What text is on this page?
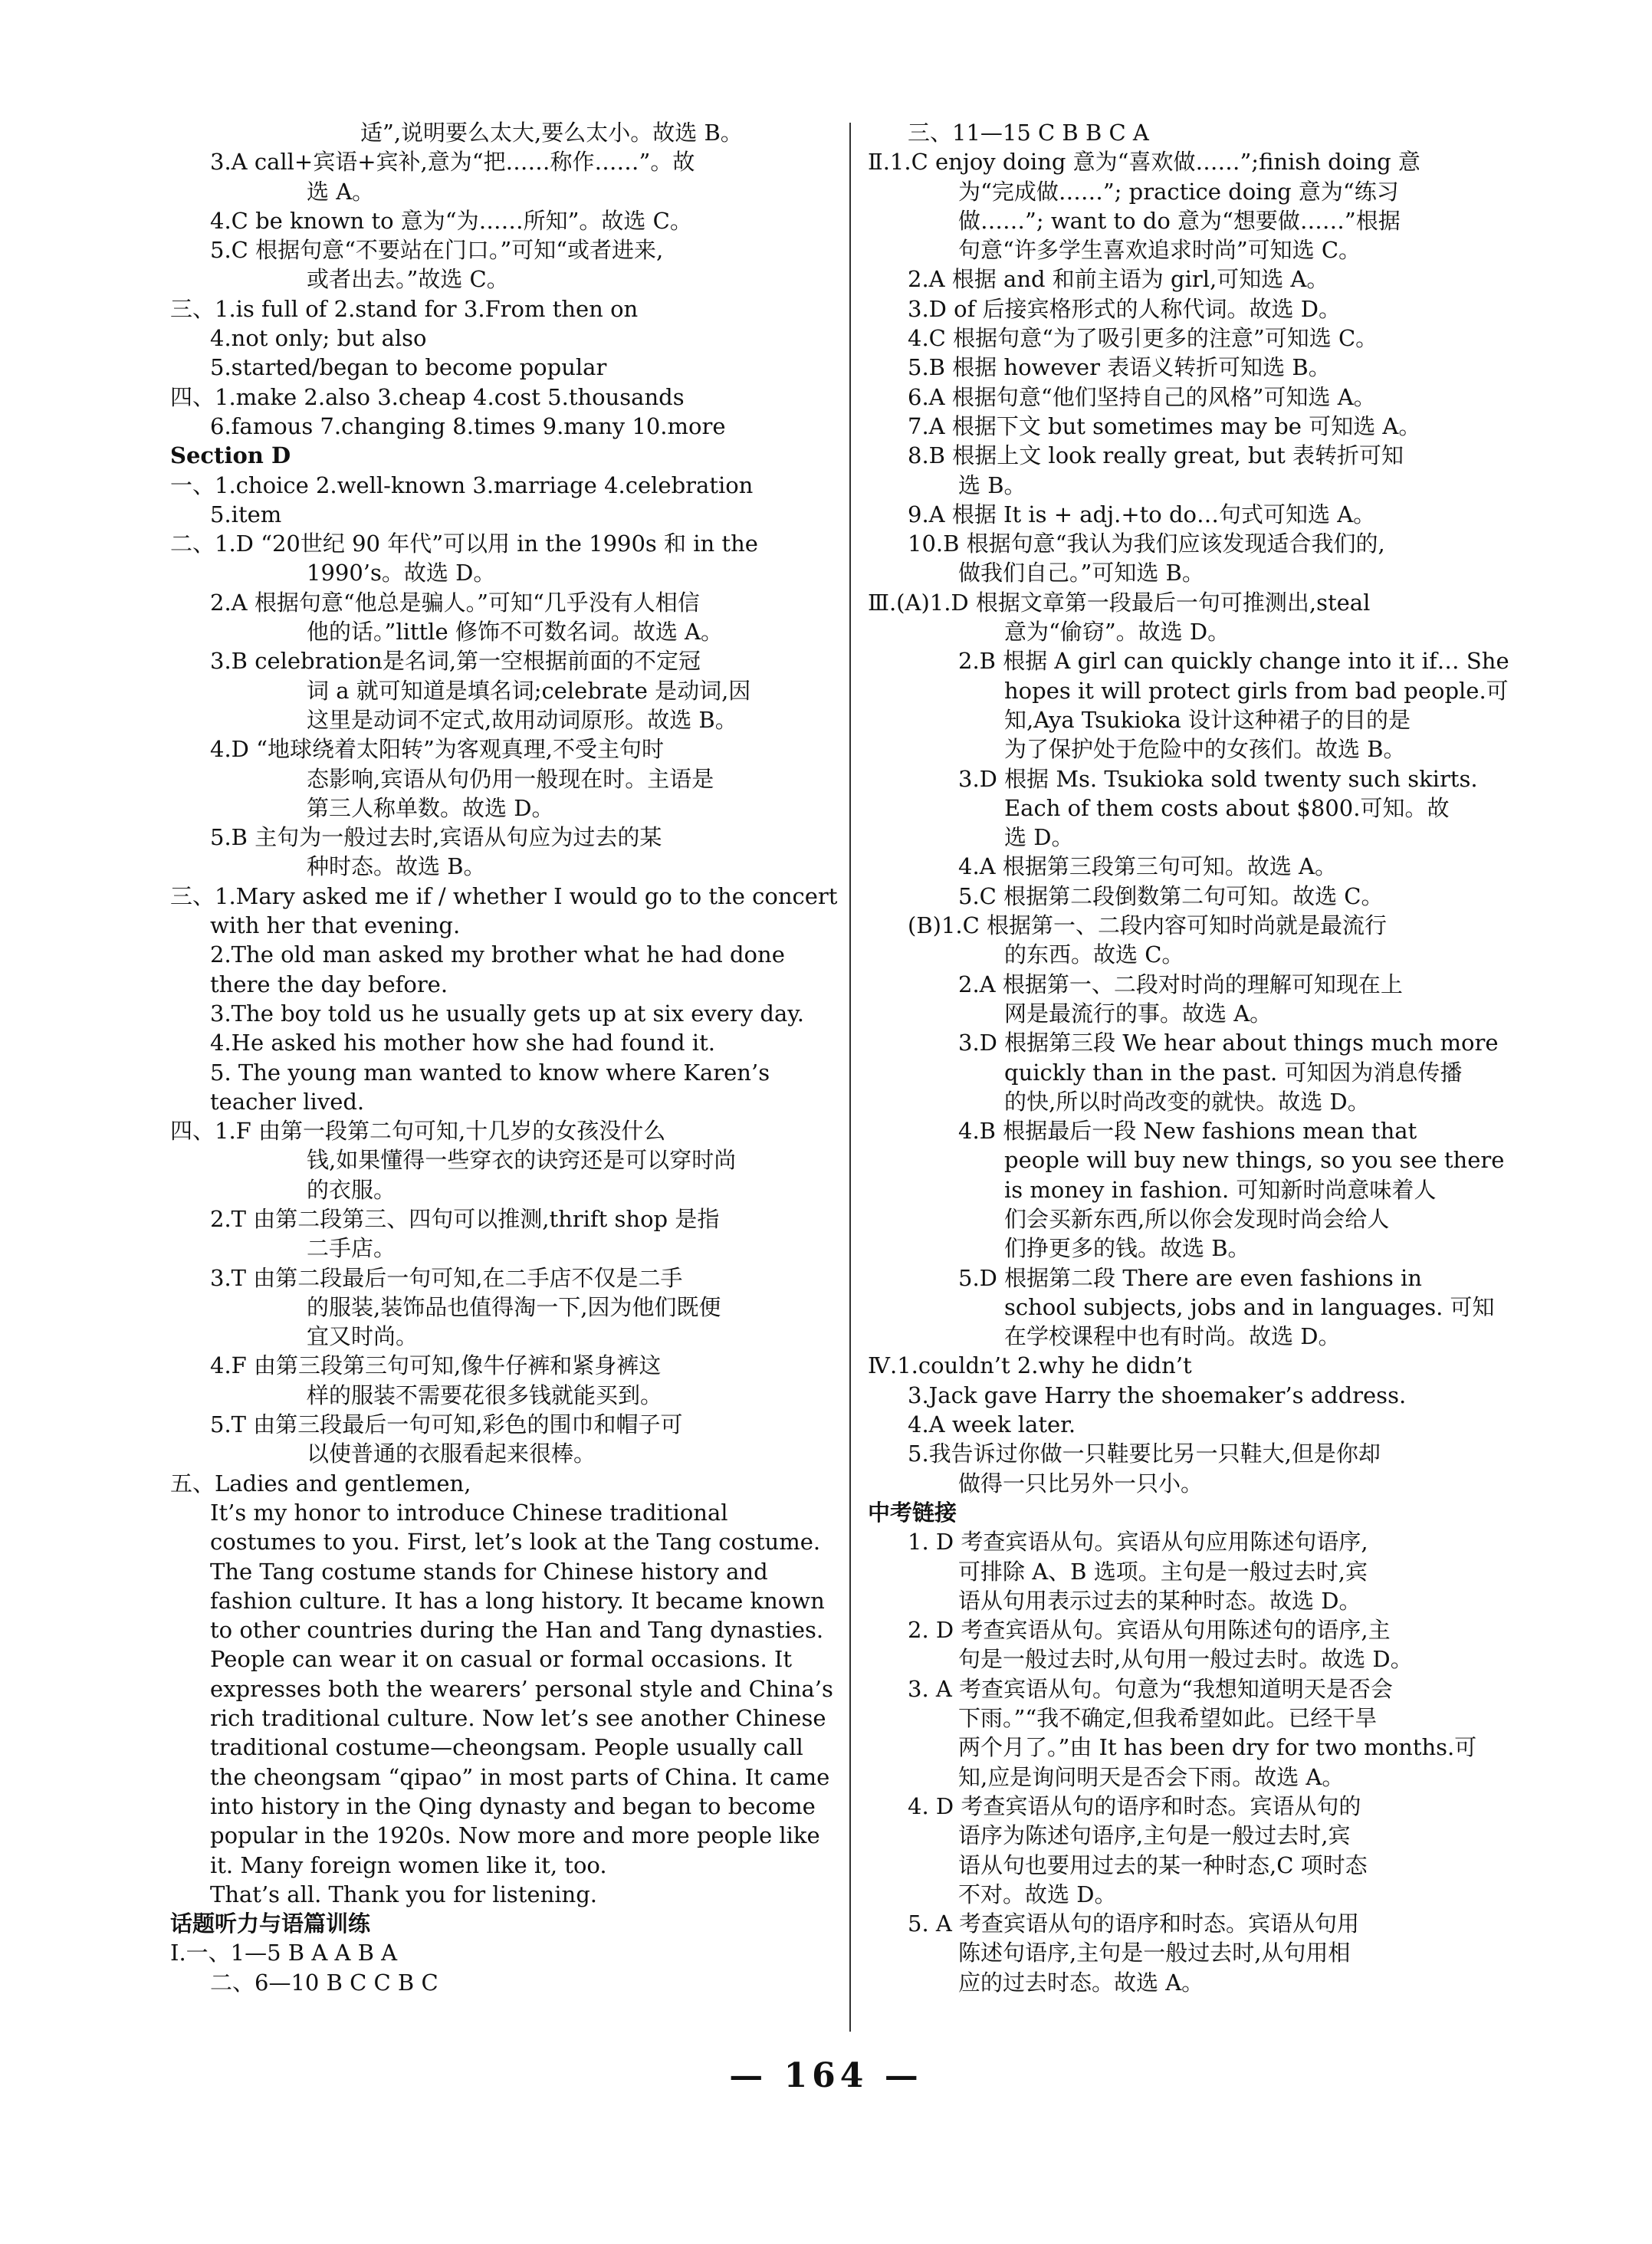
适”,说明要么太大,要么太小。故选 B。
3.A call+宾语+宾补,意为“把……称作……”。故
选 A。
4.C be known to 意为“为……所知”。故选 C。
5.C 根据句意“不要站在门口。”可知“或者进来,
或者出去。”故选 C。
三、1.is full of 2.stand for 3.From then on
4.not only; but also
5.started/began to become popular
四、1.make 2.also 3.cheap 4.cost 5.thousands
6.famous 7.changing 8.times 9.many 10.more
Section D
一、1.choice 2.well-known 3.marriage 4.celebration
5.item
二、1.D “20世纪 90 年代”可以用 in the 1990s 和 in the
1990’s。故选 D。
2.A 根据句意“他总是骗人。”可知“几乎没有人相信
他的话。”little 修饰不可数名词。故选 A。
3.B celebration是名词,第一空根据前面的不定冠
词 a 就可知道是填名词;celebrate 是动词,因
这里是动词不定式,故用动词原形。故选 B。
4.D “地球绕着太阳转”为客观真理,不受主句时
态影响,宾语从句仍用一般现在时。主语是
第三人称单数。故选 D。
5.B 主句为一般过去时,宾语从句应为过去的某
种时态。故选 B。
三、1.Mary asked me if / whether I would go to the concert
with her that evening.
2.The old man asked my brother what he had done
there the day before.
3.The boy told us he usually gets up at six every day.
4.He asked his mother how she had found it.
5. The young man wanted to know where Karen’s
teacher lived.
四、1.F 由第一段第二句可知,十几岁的女孩没什么
钱,如果懂得一些穿衣的诀窍还是可以穿时尚
的衣服。
2.T 由第二段第三、四句可以推测,thrift shop 是指
二手店。
3.T 由第二段最后一句可知,在二手店不仅是二手
的服装,装饰品也值得淘一下,因为他们既便
宜又时尚。
4.F 由第三段第三句可知,像牛仔裤和紧身裤这
样的服装不需要花很多钱就能买到。
5.T 由第三段最后一句可知,彩色的围巾和帽子可
以使普通的衣服看起来很棒。
五、Ladies and gentlemen,
It’s my honor to introduce Chinese traditional
costumes to you. First, let’s look at the Tang costume.
The Tang costume stands for Chinese history and
fashion culture. It has a long history. It became known
to other countries during the Han and Tang dynasties.
People can wear it on casual or formal occasions. It
expresses both the wearers’ personal style and China’s
rich traditional culture. Now let’s see another Chinese
traditional costume—cheongsam. People usually call
the cheongsam “qipao” in most parts of China. It came
into history in the Qing dynasty and began to become
popular in the 1920s. Now more and more people like
it. Many foreign women like it, too.
That’s all. Thank you for listening.
话题听力与语篇训练
Ⅰ.一、1—5 B A A B A
二、6—10 B C C B C
三、11—15 C B B C A
Ⅱ.1.C enjoy doing 意为“喜欢做……”;finish doing 意
为“完成做……”; practice doing 意为“练习
做……”; want to do 意为“想要做……”根据
句意“许多学生喜欢追求时尚”可知选 C。
2.A 根据 and 和前主语为 girl,可知选 A。
3.D of 后接宾格形式的人称代词。故选 D。
4.C 根据句意“为了吸引更多的注意”可知选 C。
5.B 根据 however 表语义转折可知选 B。
6.A 根据句意“他们坚持自己的风格”可知选 A。
7.A 根据下文 but sometimes may be 可知选 A。
8.B 根据上文 look really great, but 表转折可知
选 B。
9.A 根据 It is + adj.+to do…句式可知选 A。
10.B 根据句意“我认为我们应该发现适合我们的,
做我们自己。”可知选 B。
Ⅲ.(A)1.D 根据文章第一段最后一句可推测出,steal
意为“偷窃”。故选 D。
2.B 根据 A girl can quickly change into it if… She
hopes it will protect girls from bad people.可
知,Aya Tsukioka 设计这种裙子的目的是
为了保护处于危险中的女孩们。故选 B。
3.D 根据 Ms. Tsukioka sold twenty such skirts.
Each of them costs about $800.可知。故
选 D。
4.A 根据第三段第三句可知。故选 A。
5.C 根据第二段倒数第二句可知。故选 C。
(B)1.C 根据第一、二段内容可知时尚就是最流行
的东西。故选 C。
2.A 根据第一、二段对时尚的理解可知现在上
网是最流行的事。故选 A。
3.D 根据第三段 We hear about things much more
quickly than in the past. 可知因为消息传播
的快,所以时尚改变的就快。故选 D。
4.B 根据最后一段 New fashions mean that
people will buy new things, so you see there
is money in fashion. 可知新时尚意味着人
们会买新东西,所以你会发现时尚会给人
们挣更多的钱。故选 B。
5.D 根据第二段 There are even fashions in
school subjects, jobs and in languages. 可知
在学校课程中也有时尚。故选 D。
Ⅳ.1.couldn’t 2.why he didn’t
3.Jack gave Harry the shoemaker’s address.
4.A week later.
5.我告诉过你做一只鞋要比另一只鞋大,但是你却
做得一只比另外一只小。
中考链接
1. D 考查宾语从句。宾语从句应用陈述句语序,
可排除 A、B 选项。主句是一般过去时,宾
语从句用表示过去的某种时态。故选 D。
2. D 考查宾语从句。宾语从句用陈述句的语序,主
句是一般过去时,从句用一般过去时。故选 D。
3. A 考查宾语从句。句意为“我想知道明天是否会
下雨。”“我不确定,但我希望如此。已经干旱
两个月了。”由 It has been dry for two months.可
知,应是询问明天是否会下雨。故选 A。
4. D 考查宾语从句的语序和时态。宾语从句的
语序为陈述句语序,主句是一般过去时,宾
语从句也要用过去的某一种时态,C 项时态
不对。故选 D。
5. A 考查宾语从句的语序和时态。宾语从句用
陈述句语序,主句是一般过去时,从句用相
应的过去时态。故选 A。
— 164 —
